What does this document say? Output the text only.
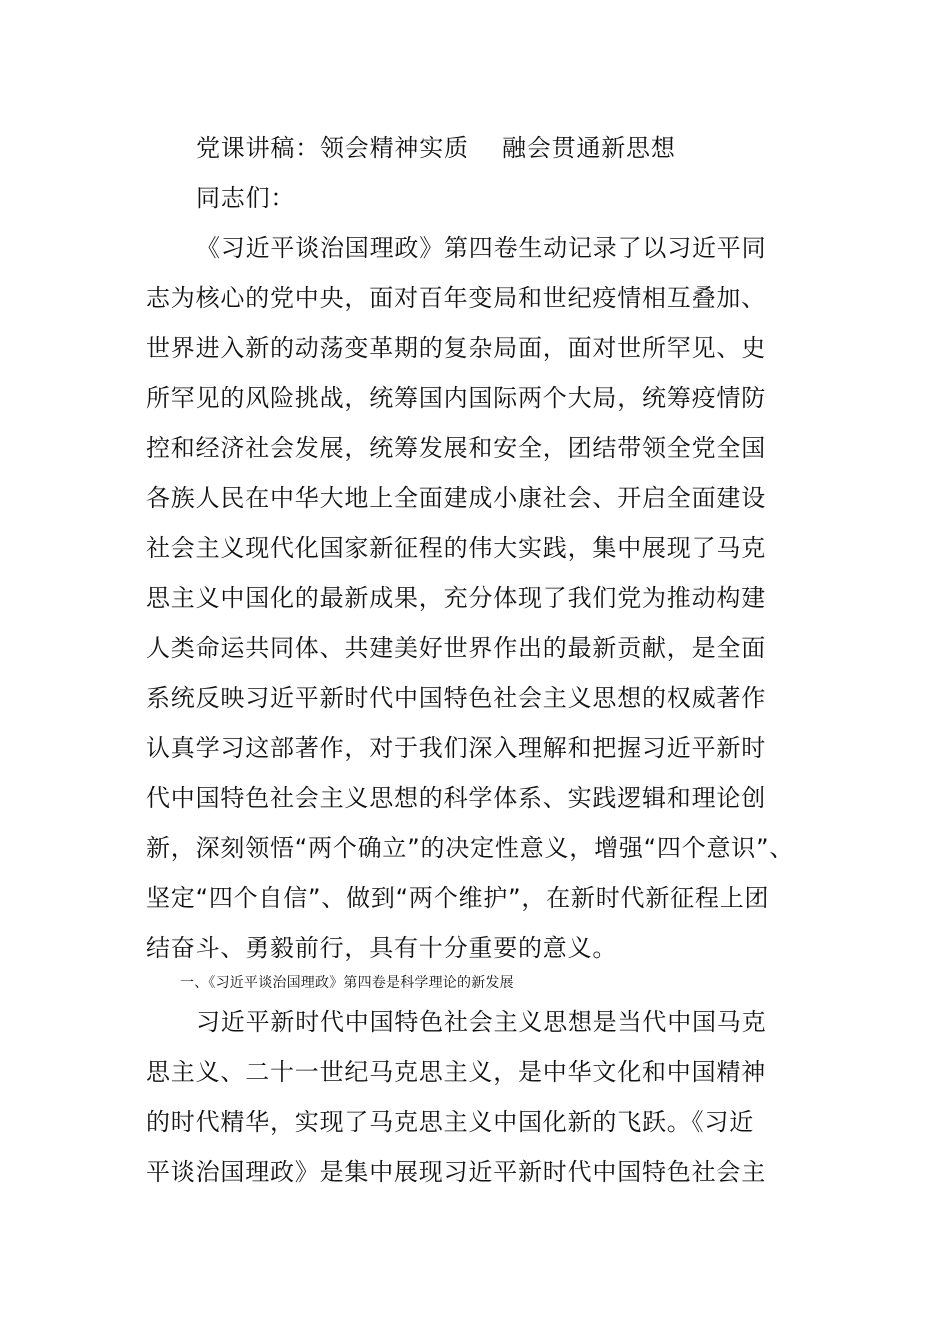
党课讲稿：领会精神实质 　融会贯通新思想
同志们：
《习近平谈治国理政》第四卷生动记录了以习近平同
志为核心的党中央，面对百年变局和世纪疫情相互叠加、
世界进入新的动荡变革期的复杂局面，面对世所罕见、史
所罕见的风险挑战，统筹国内国际两个大局，统筹疫情防
控和经济社会发展，统筹发展和安全，团结带领全党全国
各族人民在中华大地上全面建成小康社会、开启全面建设
社会主义现代化国家新征程的伟大实践，集中展现了马克
思主义中国化的最新成果，充分体现了我们党为推动构建
人类命运共同体、共建美好世界作出的最新贡献，是全面
系统反映习近平新时代中国特色社会主义思想的权威著作
认真学习这部著作，对于我们深入理解和把握习近平新时
代中国特色社会主义思想的科学体系、实践逻辑和理论创
新，深刻领悟“两个确立”的决定性意义，增强“四个意识”、
坚定“四个自信”、做到“两个维护”，在新时代新征程上团
结奋斗、勇毅前行，具有十分重要的意义。
一、《习近平谈治国理政》第四卷是科学理论的新发展
习近平新时代中国特色社会主义思想是当代中国马克
思主义、二十一世纪马克思主义，是中华文化和中国精神
的时代精华，实现了马克思主义中国化新的飞跃。《习近
平谈治国理政》是集中展现习近平新时代中国特色社会主
